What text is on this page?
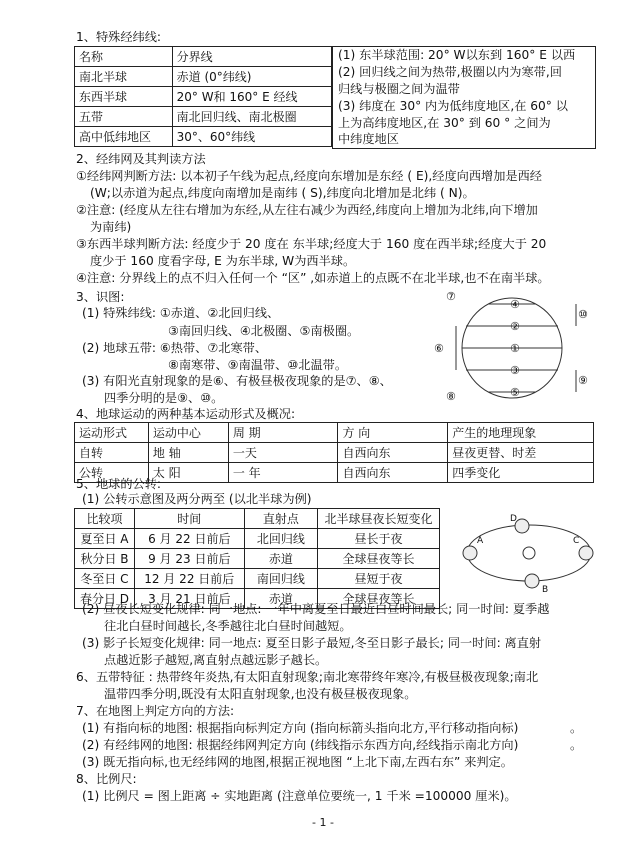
1、特殊经纬线:
名称	分界线
南北半球	赤道 (0°纬线)
东西半球	20° W和 160° E 经线
五带	南北回归线、南北极圈
高中低纬地区	30°、60°纬线
(1) 东半球范围: 20° W以东到 160° E 以西
(2) 回归线之间为热带,极圈以内为寒带,回
归线与极圈之间为温带
(3) 纬度在 30° 内为低纬度地区,在 60° 以
上为高纬度地区,在 30° 到 60 ° 之间为
中纬度地区
2、经纬网及其判读方法
①经纬网判断方法: 以本初子午线为起点,经度向东增加是东经 ( E),经度向西增加是西经
(W;以赤道为起点,纬度向南增加是南纬 ( S),纬度向北增加是北纬 ( N)。
②注意: (经度从左往右增加为东经,从左往右减少为西经,纬度向上增加为北纬,向下增加
为南纬)
③东西半球判断方法: 经度少于 20 度在 东半球;经度大于 160 度在西半球;经度大于 20
度少于 160 度看字母, E 为东半球, W为西半球。
④注意: 分界线上的点不归入任何一个 “区” ,如赤道上的点既不在北半球,也不在南半球。
3、识图:
(1) 特殊纬线: ①赤道、②北回归线、
③南回归线、④北极圈、⑤南极圈。
(2) 地球五带: ⑥热带、⑦北寒带、
⑧南寒带、⑨南温带、⑩北温带。
(3) 有阳光直射现象的是⑥、有极昼极夜现象的是⑦、⑧、
四季分明的是⑨、⑩。
⑦
④
②
①
③
⑤
⑧
⑥
⑨
⑩
4、地球运动的两种基本运动形式及概况:
运动形式	运动中心	周 期	方 向	产生的地理现象
自转	地 轴	一天	自西向东	昼夜更替、时差
公转	太 阳	一 年	自西向东	四季变化
5、地球的公转:
(1) 公转示意图及两分两至 (以北半球为例)
比较项	时间	直射点	北半球昼夜长短变化
夏至日 A	6 月 22 日前后	北回归线	昼长于夜
秋分日 B	9 月 23 日前后	赤道	全球昼夜等长
冬至日 C	12 月 22 日前后	南回归线	昼短于夜
春分日 D	3 月 21 日前后	赤道	全球昼夜等长
D
A	C
B
(2) 昼夜长短变化规律: 同一地点: 一年中离夏至日最近白昼时间最长; 同一时间: 夏季越
往北白昼时间越长,冬季越往北白昼时间越短。
(3) 影子长短变化规律: 同一地点: 夏至日影子最短,冬至日影子最长; 同一时间: 离直射
点越近影子越短,离直射点越远影子越长。
6、五带特征 : 热带终年炎热,有太阳直射现象;南北寒带终年寒冷,有极昼极夜现象;南北
温带四季分明,既没有太阳直射现象,也没有极昼极夜现象。
7、在地图上判定方向的方法:
(1) 有指向标的地图: 根据指向标判定方向 (指向标箭头指向北方,平行移动指向标)	。
(2) 有经纬网的地图: 根据经纬网判定方向 (纬线指示东西方向,经线指示南北方向)	。
(3) 既无指向标,也无经纬网的地图,根据正视地图 “上北下南,左西右东” 来判定。
8、比例尺:
(1) 比例尺 = 图上距离 ÷ 实地距离 (注意单位要统一, 1 千米 =100000 厘米)。
- 1 -
